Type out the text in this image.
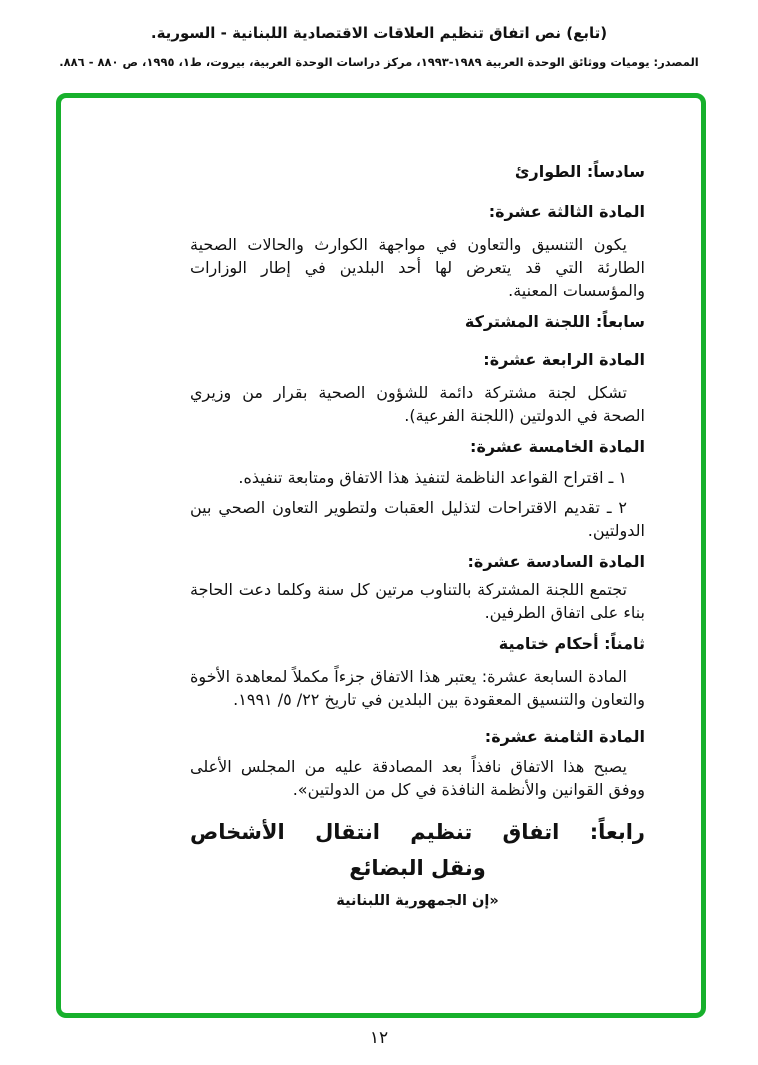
(تابع) نص اتفاق تنظيم العلاقات الاقتصادية اللبنانية - السورية.
المصدر: يوميات ووثائق الوحدة العربية ١٩٨٩-١٩٩٣، مركز دراسات الوحدة العربية، بيروت، ط١، ١٩٩٥، ص ٨٨٠ - ٨٨٦.
سادساً: الطوارئ
المادة الثالثة عشرة:

يكون التنسيق والتعاون في مواجهة الكوارث والحالات الصحية الطارئة التي قد يتعرض لها أحد البلدين في إطار الوزارات والمؤسسات المعنية.

سابعاً: اللجنة المشتركة
المادة الرابعة عشرة:

تشكل لجنة مشتركة دائمة للشؤون الصحية بقرار من وزيري الصحة في الدولتين (اللجنة الفرعية).

المادة الخامسة عشرة:

١ ـ اقتراح القواعد الناظمة لتنفيذ هذا الاتفاق ومتابعة تنفيذه.

٢ ـ تقديم الاقتراحات لتذليل العقبات ولتطوير التعاون الصحي بين الدولتين.

المادة السادسة عشرة:

تجتمع اللجنة المشتركة بالتناوب مرتين كل سنة وكلما دعت الحاجة بناء على اتفاق الطرفين.

ثامناً: أحكام ختامية

المادة السابعة عشرة: يعتبر هذا الاتفاق جزءاً مكملاً لمعاهدة الأخوة والتعاون والتنسيق المعقودة بين البلدين في تاريخ ٢٢/ ٥/ ١٩٩١.

المادة الثامنة عشرة:

يصبح هذا الاتفاق نافذاً بعد المصادقة عليه من المجلس الأعلى ووفق القوانين والأنظمة النافذة في كل من الدولتين».

رابعاً: اتفاق تنظيم انتقال الأشخاص
ونقل البضائع

«إن الجمهورية اللبنانية

١٢
